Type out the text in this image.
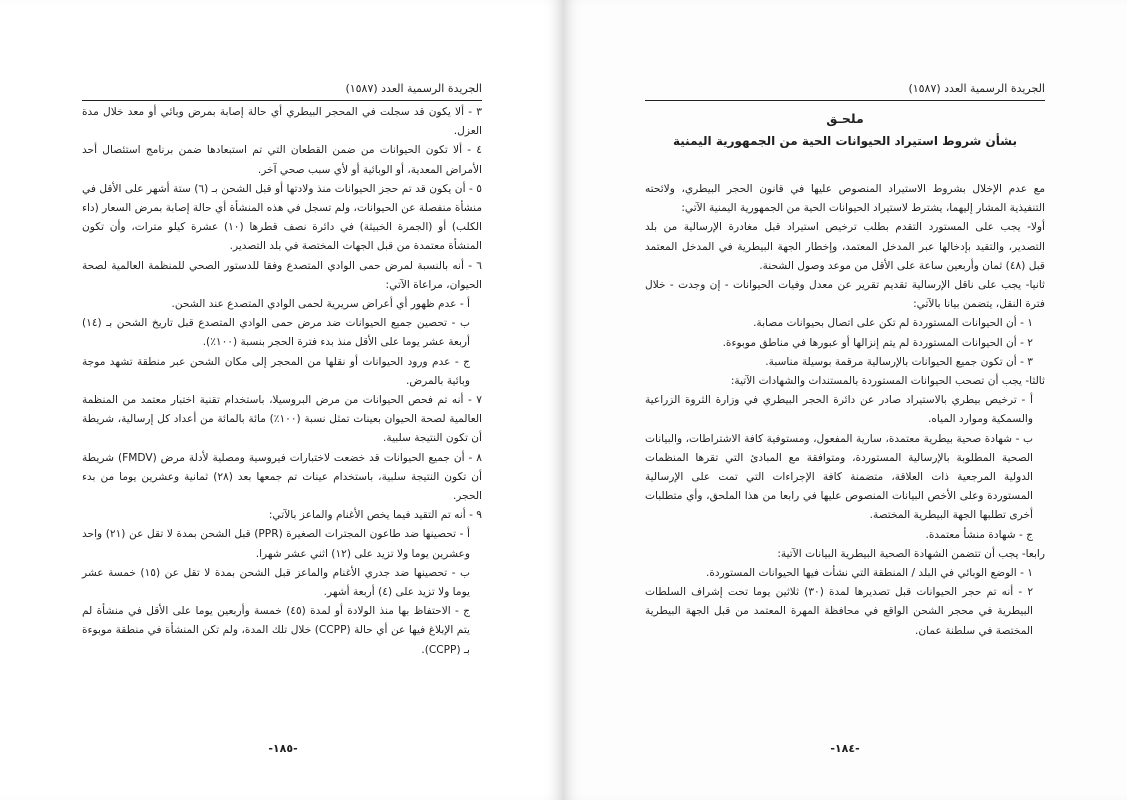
الجريدة الرسمية العدد (١٥٨٧)

٣ - ألا يكون قد سجلت في المحجر البيطري أي حالة إصابة بمرض وبائي أو معد خلال مدة العزل.

٤ - ألا تكون الحيوانات من ضمن القطعان التي تم استبعادها ضمن برنامج استئصال أحد الأمراض المعدية، أو الوبائية أو لأي سبب صحي آخر.

٥ - أن يكون قد تم حجز الحيوانات منذ ولادتها أو قبل الشحن بـ (٦) ستة أشهر على الأقل في منشأة منفصلة عن الحيوانات، ولم تسجل في هذه المنشأة أي حالة إصابة بمرض السعار (داء الكلب) أو (الجمرة الخبيثة) في دائرة نصف قطرها (١٠) عشرة كيلو مترات، وأن تكون المنشأة معتمدة من قبل الجهات المختصة في بلد التصدير.

٦ - أنه بالنسبة لمرض حمى الوادي المتصدع وفقا للدستور الصحي للمنظمة العالمية لصحة الحيوان، مراعاة الآتي:

أ - عدم ظهور أي أعراض سريرية لحمى الوادي المتصدع عند الشحن.

ب - تحصين جميع الحيوانات ضد مرض حمى الوادي المتصدع قبل تاريخ الشحن بـ (١٤) أربعة عشر يوما على الأقل منذ بدء فترة الحجر بنسبة (١٠٠٪).

ج - عدم ورود الحيوانات أو نقلها من المحجر إلى مكان الشحن عبر منطقة تشهد موجة وبائية بالمرض.

٧ - أنه تم فحص الحيوانات من مرض البروسيلا، باستخدام تقنية اختبار معتمد من المنظمة العالمية لصحة الحيوان بعينات تمثل نسبة (١٠٠٪) مائة بالمائة من أعداد كل إرسالية، شريطة أن تكون النتيجة سلبية.

٨ - أن جميع الحيوانات قد خضعت لاختبارات فيروسية ومصلية لأدلة مرض (FMDV) شريطة أن تكون النتيجة سلبية، باستخدام عينات تم جمعها بعد (٢٨) ثمانية وعشرين يوما من بدء الحجر.

٩ - أنه تم التقيد فيما يخص الأغنام والماعز بالآتي:

أ - تحصينها ضد طاعون المجترات الصغيرة (PPR) قبل الشحن بمدة لا تقل عن (٢١) واحد وعشرين يوما ولا تزيد على (١٢) اثني عشر شهرا.

ب - تحصينها ضد جدري الأغنام والماعز قبل الشحن بمدة لا تقل عن (١٥) خمسة عشر يوما ولا تزيد على (٤) أربعة أشهر.

ج - الاحتفاظ بها منذ الولادة أو لمدة (٤٥) خمسة وأربعين يوما على الأقل في منشأة لم يتم الإبلاغ فيها عن أي حالة (CCPP) خلال تلك المدة، ولم تكن المنشأة في منطقة موبوءة بـ (CCPP).

-١٨٥-
الجريدة الرسمية العدد (١٥٨٧)

ملحـق

بشأن شروط استيراد الحيوانات الحية من الجمهورية اليمنية

مع عدم الإخلال بشروط الاستيراد المنصوص عليها في قانون الحجر البيطري، ولائحته التنفيذية المشار إليهما، يشترط لاستيراد الحيوانات الحية من الجمهورية اليمنية الآتي:

أولا- يجب على المستورد التقدم بطلب ترخيص استيراد قبل مغادرة الإرسالية من بلد التصدير، والتقيد بإدخالها عبر المدخل المعتمد، وإخطار الجهة البيطرية في المدخل المعتمد قبل (٤٨) ثمان وأربعين ساعة على الأقل من موعد وصول الشحنة.

ثانيا- يجب على ناقل الإرسالية تقديم تقرير عن معدل وفيات الحيوانات - إن وجدت - خلال فترة النقل، يتضمن بيانا بالآتي:

١ - أن الحيوانات المستوردة لم تكن على اتصال بحيوانات مصابة.

٢ - أن الحيوانات المستوردة لم يتم إنزالها أو عبورها في مناطق موبوءة.

٣ - أن تكون جميع الحيوانات بالإرسالية مرقمة بوسيلة مناسبة.

ثالثا- يجب أن تصحب الحيوانات المستوردة بالمستندات والشهادات الآتية:

أ - ترخيص بيطري بالاستيراد صادر عن دائرة الحجر البيطري في وزارة الثروة الزراعية والسمكية وموارد المياه.

ب - شهادة صحية بيطرية معتمدة، سارية المفعول، ومستوفية كافة الاشتراطات، والبيانات الصحية المطلوبة بالإرسالية المستوردة، ومتوافقة مع المبادئ التي تقرها المنظمات الدولية المرجعية ذات العلاقة، متضمنة كافة الإجراءات التي تمت على الإرسالية المستوردة وعلى الأخص البيانات المنصوص عليها في رابعا من هذا الملحق، وأي متطلبات أخرى تطلبها الجهة البيطرية المختصة.

ج - شهادة منشأ معتمدة.

رابعا- يجب أن تتضمن الشهادة الصحية البيطرية البيانات الآتية:

١ - الوضع الوبائي في البلد / المنطقة التي نشأت فيها الحيوانات المستوردة.

٢ - أنه تم حجر الحيوانات قبل تصديرها لمدة (٣٠) ثلاثين يوما تحت إشراف السلطات البيطرية في محجر الشحن الواقع في محافظة المهرة المعتمد من قبل الجهة البيطرية المختصة في سلطنة عمان.

-١٨٤-
